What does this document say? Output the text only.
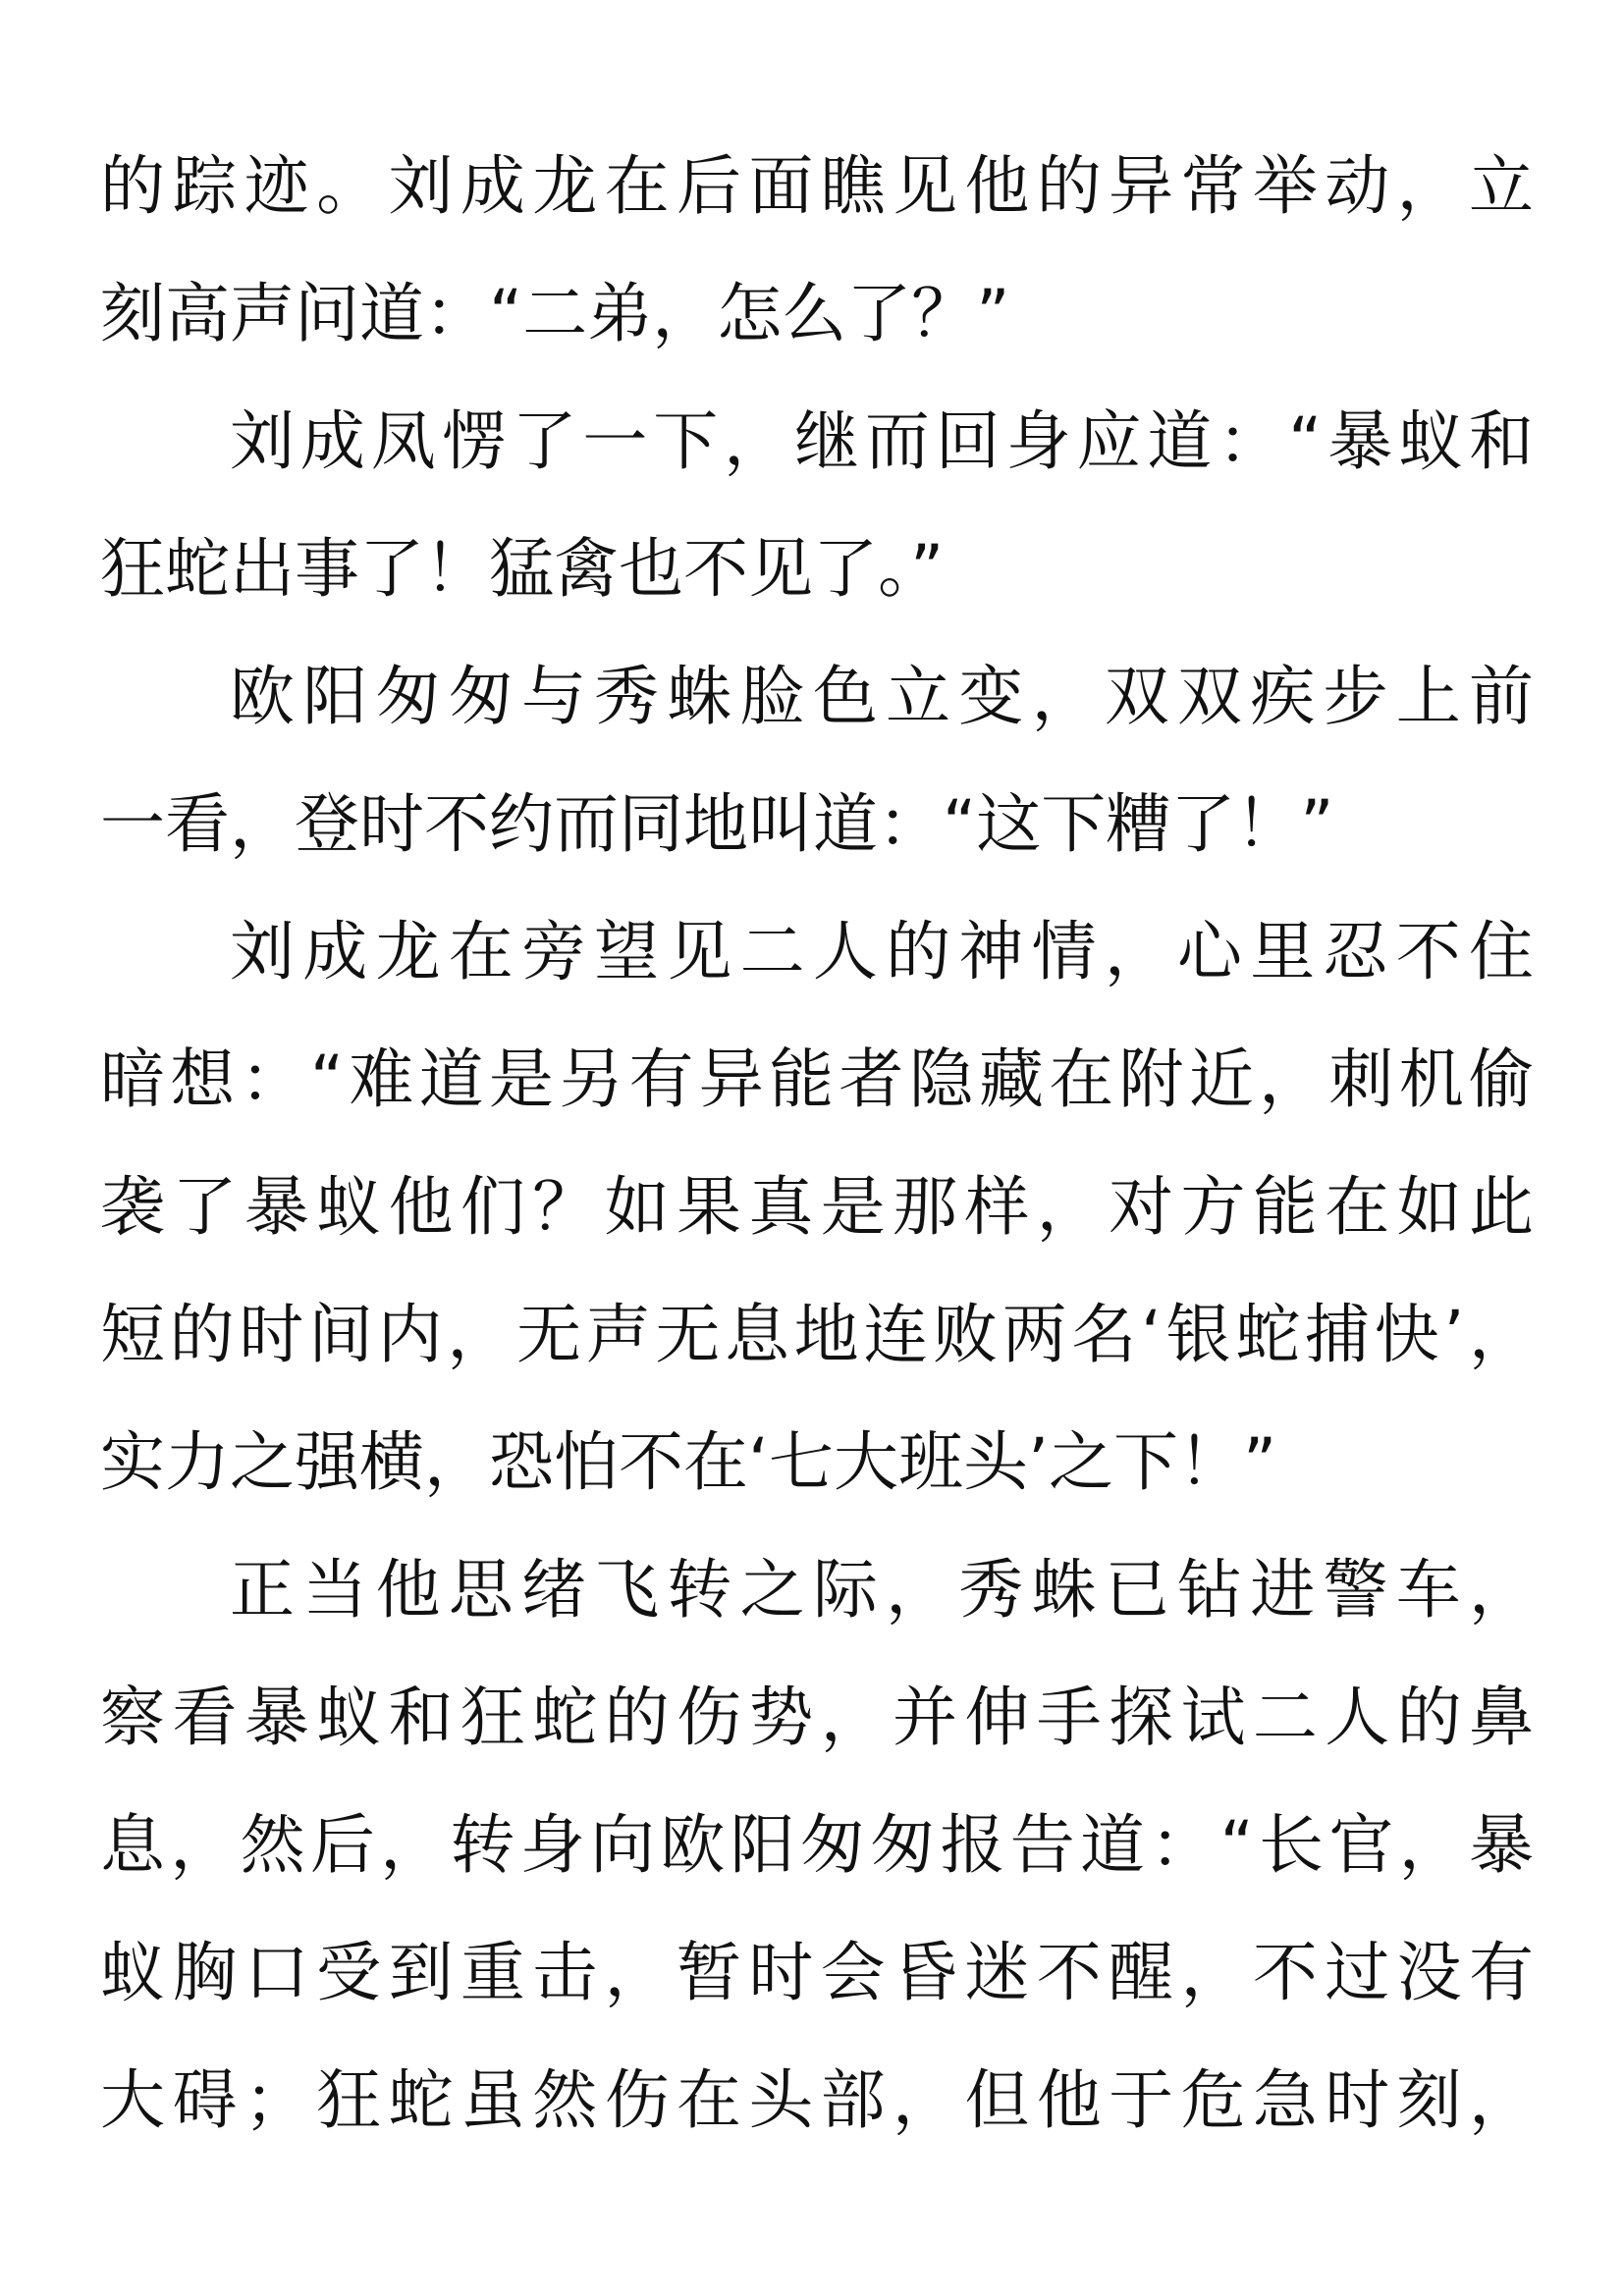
的踪迹。刘成龙在后面瞧见他的异常举动，立
刻高声问道：“二弟，怎么了？”
刘成凤愣了一下，继而回身应道：“暴蚁和
狂蛇出事了！猛禽也不见了。”
欧阳匆匆与秀蛛脸色立变，双双疾步上前
一看，登时不约而同地叫道：“这下糟了！”
刘成龙在旁望见二人的神情，心里忍不住
暗想：“难道是另有异能者隐藏在附近，刺机偷
袭了暴蚁他们？如果真是那样，对方能在如此
短的时间内，无声无息地连败两名‘银蛇捕快’，
实力之强横，恐怕不在‘七大班头’之下！”
正当他思绪飞转之际，秀蛛已钻进警车，
察看暴蚁和狂蛇的伤势，并伸手探试二人的鼻
息，然后，转身向欧阳匆匆报告道：“长官，暴
蚁胸口受到重击，暂时会昏迷不醒，不过没有
大碍；狂蛇虽然伤在头部，但他于危急时刻，
